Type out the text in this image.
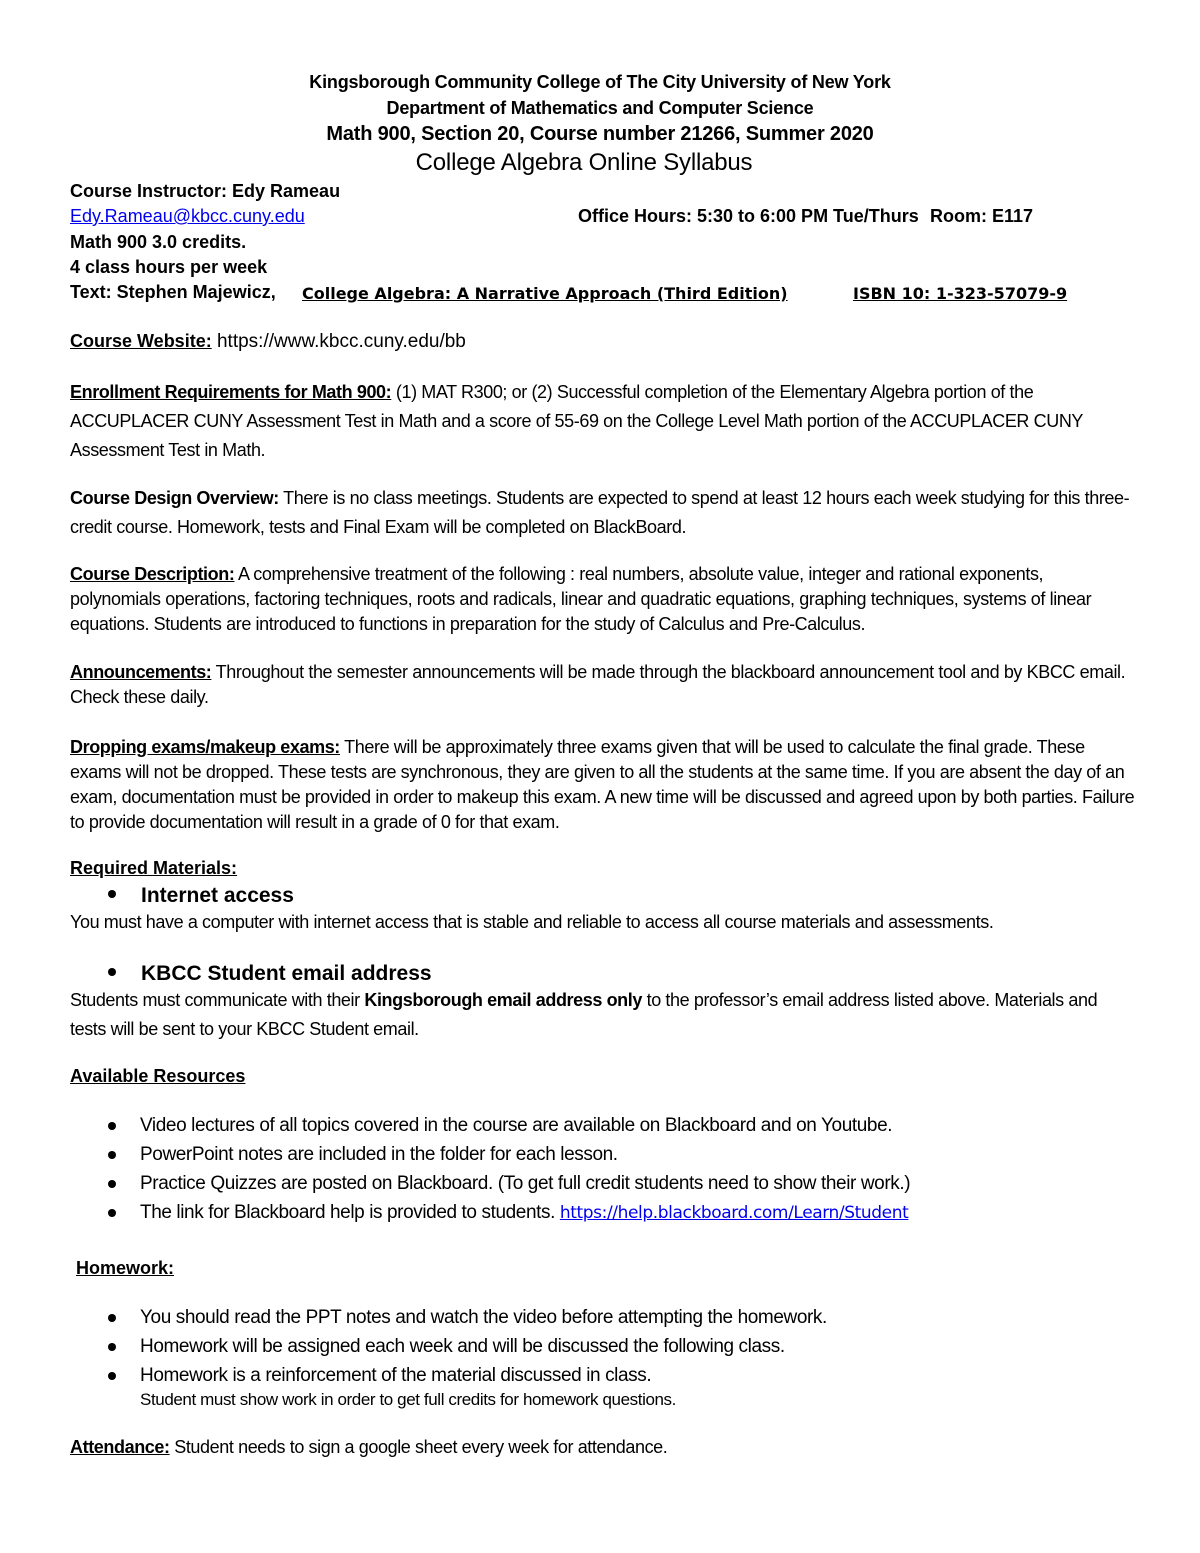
Kingsborough Community College of The City University of New York
Department of Mathematics and Computer Science
Math 900, Section 20, Course number 21266, Summer 2020
College Algebra Online Syllabus
Course Instructor: Edy Rameau
Edy.Rameau@kbcc.cuny.edu	Office Hours: 5:30 to 6:00 PM Tue/Thurs Room: E117
Math 900 3.0 credits.
4 class hours per week
Text: Stephen Majewicz, College Algebra: A Narrative Approach (Third Edition)	ISBN 10: 1-323-57079-9
Course Website: https://www.kbcc.cuny.edu/bb
Enrollment Requirements for Math 900: (1) MAT R300; or (2) Successful completion of the Elementary Algebra portion of the ACCUPLACER CUNY Assessment Test in Math and a score of 55-69 on the College Level Math portion of the ACCUPLACER CUNY Assessment Test in Math.
Course Design Overview: There is no class meetings. Students are expected to spend at least 12 hours each week studying for this three-credit course. Homework, tests and Final Exam will be completed on BlackBoard.
Course Description: A comprehensive treatment of the following : real numbers, absolute value, integer and rational exponents, polynomials operations, factoring techniques, roots and radicals, linear and quadratic equations, graphing techniques, systems of linear equations. Students are introduced to functions in preparation for the study of Calculus and Pre-Calculus.
Announcements: Throughout the semester announcements will be made through the blackboard announcement tool and by KBCC email. Check these daily.
Dropping exams/makeup exams: There will be approximately three exams given that will be used to calculate the final grade. These exams will not be dropped. These tests are synchronous, they are given to all the students at the same time. If you are absent the day of an exam, documentation must be provided in order to makeup this exam. A new time will be discussed and agreed upon by both parties. Failure to provide documentation will result in a grade of 0 for that exam.
Required Materials:
Internet access
You must have a computer with internet access that is stable and reliable to access all course materials and assessments.
KBCC Student email address
Students must communicate with their Kingsborough email address only to the professor’s email address listed above. Materials and tests will be sent to your KBCC Student email.
Available Resources
Video lectures of all topics covered in the course are available on Blackboard and on Youtube.
PowerPoint notes are included in the folder for each lesson.
Practice Quizzes are posted on Blackboard. (To get full credit students need to show their work.)
The link for Blackboard help is provided to students. https://help.blackboard.com/Learn/Student
Homework:
You should read the PPT notes and watch the video before attempting the homework.
Homework will be assigned each week and will be discussed the following class.
Homework is a reinforcement of the material discussed in class.
Student must show work in order to get full credits for homework questions.
Attendance: Student needs to sign a google sheet every week for attendance.
